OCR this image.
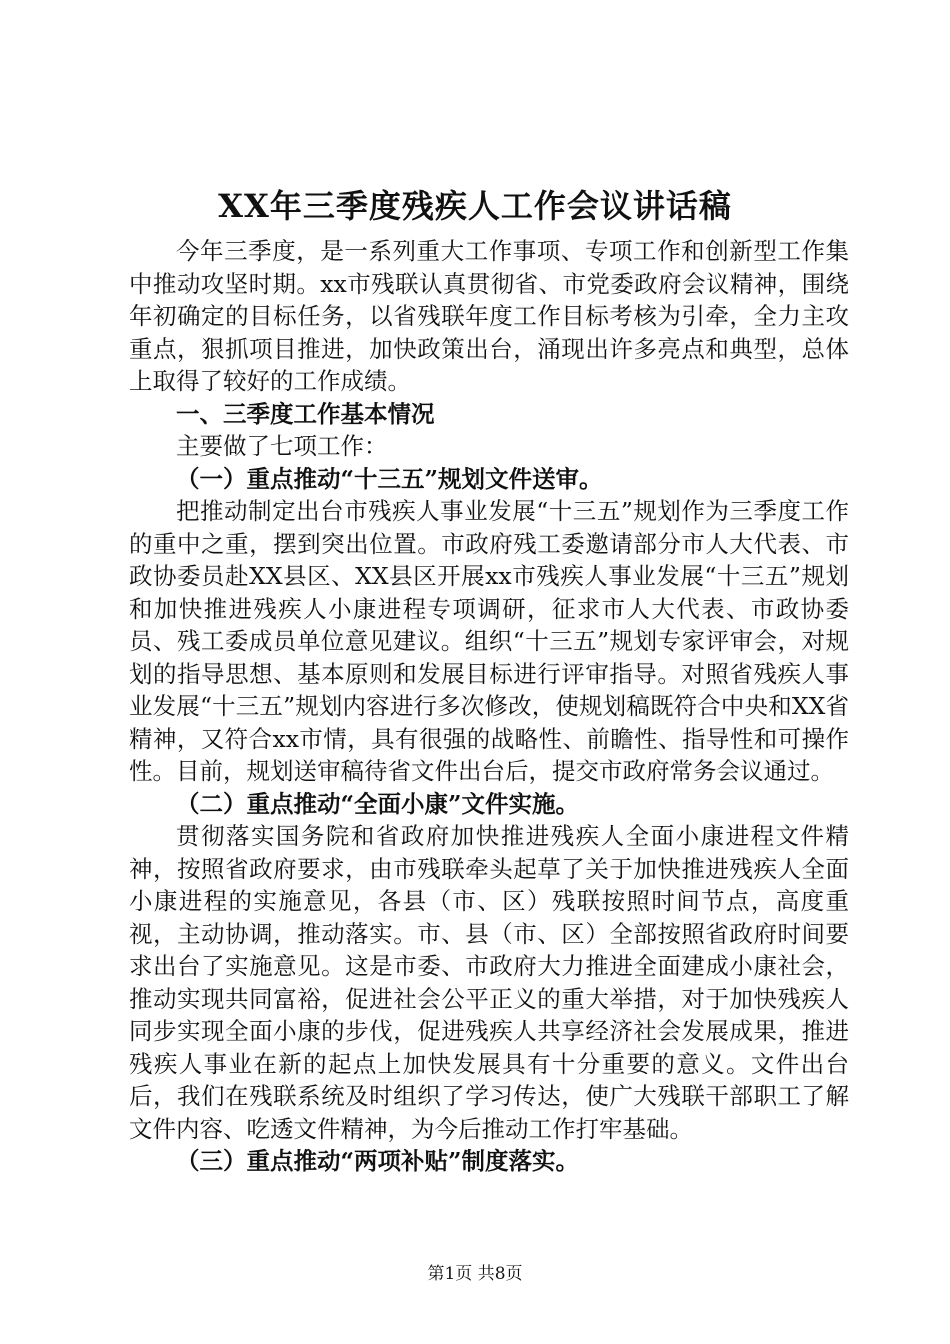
XX年三季度残疾人工作会议讲话稿

今年三季度，是一系列重大工作事项、专项工作和创新型工作集中推动攻坚时期。xx市残联认真贯彻省、市党委政府会议精神，围绕年初确定的目标任务，以省残联年度工作目标考核为引牵，全力主攻重点，狠抓项目推进，加快政策出台，涌现出许多亮点和典型，总体上取得了较好的工作成绩。

一、三季度工作基本情况

主要做了七项工作：

（一）重点推动“十三五”规划文件送审。

把推动制定出台市残疾人事业发展“十三五”规划作为三季度工作的重中之重，摆到突出位置。市政府残工委邀请部分市人大代表、市政协委员赴XX县区、XX县区开展xx市残疾人事业发展“十三五”规划和加快推进残疾人小康进程专项调研，征求市人大代表、市政协委员、残工委成员单位意见建议。组织“十三五”规划专家评审会，对规划的指导思想、基本原则和发展目标进行评审指导。对照省残疾人事业发展“十三五”规划内容进行多次修改，使规划稿既符合中央和XX省精神，又符合xx市情，具有很强的战略性、前瞻性、指导性和可操作性。目前，规划送审稿待省文件出台后，提交市政府常务会议通过。

（二）重点推动“全面小康”文件实施。

贯彻落实国务院和省政府加快推进残疾人全面小康进程文件精神，按照省政府要求，由市残联牵头起草了关于加快推进残疾人全面小康进程的实施意见，各县（市、区）残联按照时间节点，高度重视，主动协调，推动落实。市、县（市、区）全部按照省政府时间要求出台了实施意见。这是市委、市政府大力推进全面建成小康社会，推动实现共同富裕，促进社会公平正义的重大举措，对于加快残疾人同步实现全面小康的步伐，促进残疾人共享经济社会发展成果，推进残疾人事业在新的起点上加快发展具有十分重要的意义。文件出台后，我们在残联系统及时组织了学习传达，使广大残联干部职工了解文件内容、吃透文件精神，为今后推动工作打牢基础。

（三）重点推动“两项补贴”制度落实。

第1页 共8页
